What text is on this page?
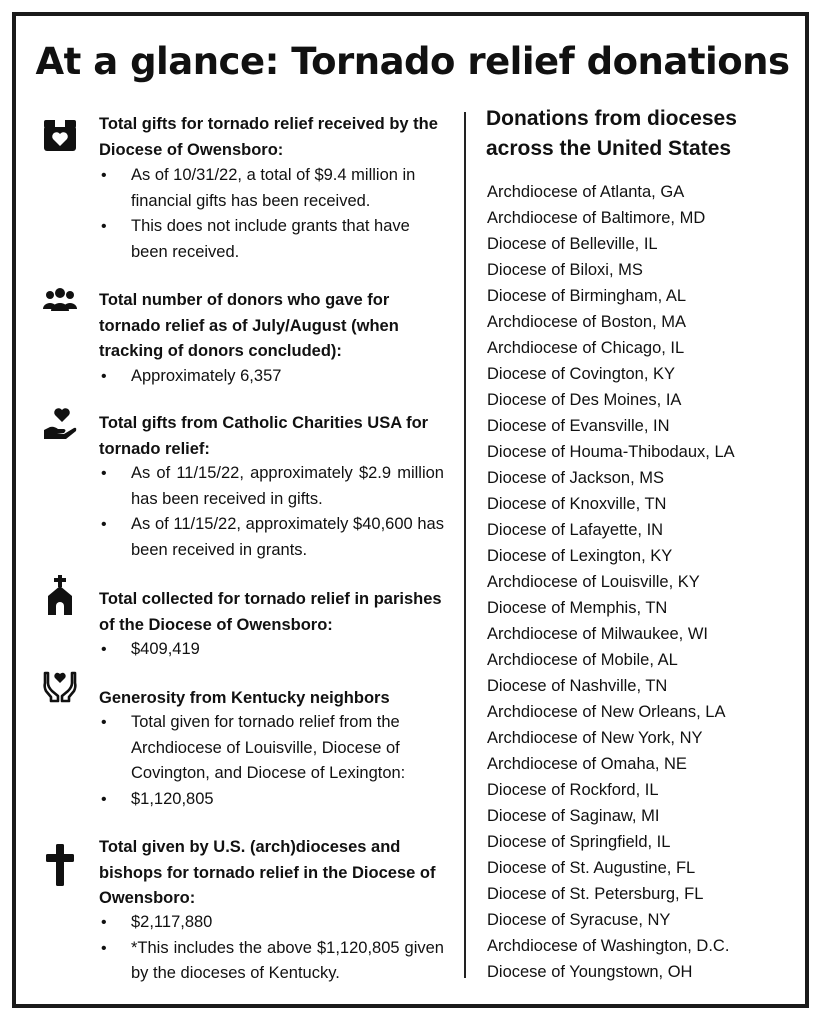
At a glance: Tornado relief donations
Total gifts for tornado relief received by the Diocese of Owensboro:
• As of 10/31/22, a total of $9.4 million in financial gifts has been received.
• This does not include grants that have been received.
Total number of donors who gave for tornado relief as of July/August (when tracking of donors concluded):
• Approximately 6,357
Total gifts from Catholic Charities USA for tornado relief:
• As of 11/15/22, approximately $2.9 million has been received in gifts.
• As of 11/15/22, approximately $40,600 has been received in grants.
Total collected for tornado relief in parishes of the Diocese of Owensboro:
• $409,419
Generosity from Kentucky neighbors
• Total given for tornado relief from the Archdiocese of Louisville, Diocese of Covington, and Diocese of Lexington:
• $1,120,805
Total given by U.S. (arch)dioceses and bishops for tornado relief in the Diocese of Owensboro:
• $2,117,880
• *This includes the above $1,120,805 given by the dioceses of Kentucky.
Donations from dioceses across the United States
Archdiocese of Atlanta, GA
Archdiocese of Baltimore, MD
Diocese of Belleville, IL
Diocese of Biloxi, MS
Diocese of Birmingham, AL
Archdiocese of Boston, MA
Archdiocese of Chicago, IL
Diocese of Covington, KY
Diocese of Des Moines, IA
Diocese of Evansville, IN
Diocese of Houma-Thibodaux, LA
Diocese of Jackson, MS
Diocese of Knoxville, TN
Diocese of Lafayette, IN
Diocese of Lexington, KY
Archdiocese of Louisville, KY
Diocese of Memphis, TN
Archdiocese of Milwaukee, WI
Archdiocese of Mobile, AL
Diocese of Nashville, TN
Archdiocese of New Orleans, LA
Archdiocese of New York, NY
Archdiocese of Omaha, NE
Diocese of Rockford, IL
Diocese of Saginaw, MI
Diocese of Springfield, IL
Diocese of St. Augustine, FL
Diocese of St. Petersburg, FL
Diocese of Syracuse, NY
Archdiocese of Washington, D.C.
Diocese of Youngstown, OH
